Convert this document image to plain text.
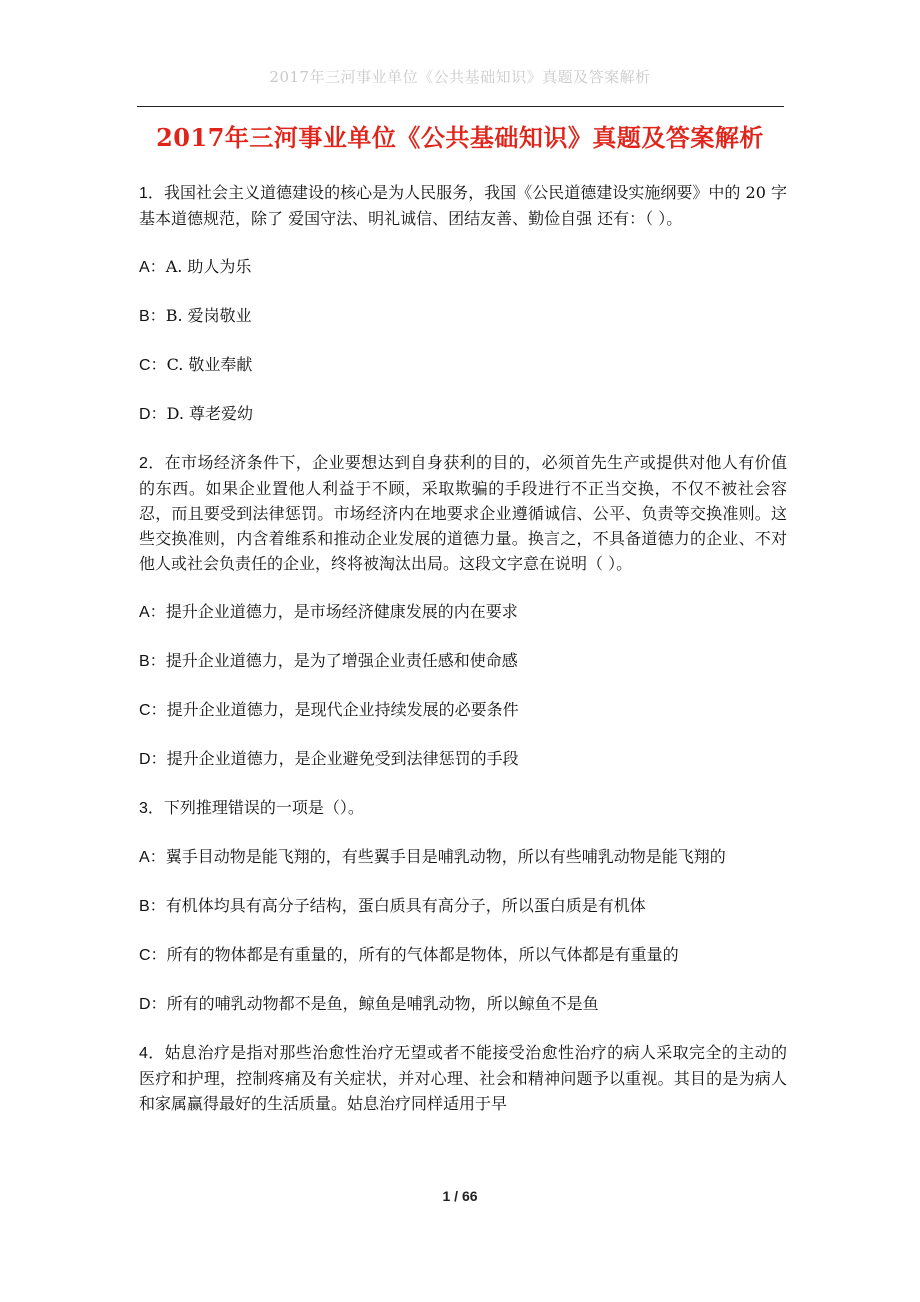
2017年三河事业单位《公共基础知识》真题及答案解析
2017年三河事业单位《公共基础知识》真题及答案解析
1．我国社会主义道德建设的核心是为人民服务，我国《公民道德建设实施纲要》中的 20 字基本道德规范，除了 爱国守法、明礼诚信、团结友善、勤俭自强 还有：（ ）。
A：A. 助人为乐
B：B. 爱岗敬业
C：C. 敬业奉献
D：D. 尊老爱幼
2．在市场经济条件下，企业要想达到自身获利的目的，必须首先生产或提供对他人有价值的东西。如果企业置他人利益于不顾，采取欺骗的手段进行不正当交换，不仅不被社会容忍，而且要受到法律惩罚。市场经济内在地要求企业遵循诚信、公平、负责等交换准则。这些交换准则，内含着维系和推动企业发展的道德力量。换言之，不具备道德力的企业、不对他人或社会负责任的企业，终将被淘汰出局。这段文字意在说明（ ）。
A：提升企业道德力，是市场经济健康发展的内在要求
B：提升企业道德力，是为了增强企业责任感和使命感
C：提升企业道德力，是现代企业持续发展的必要条件
D：提升企业道德力，是企业避免受到法律惩罚的手段
3．下列推理错误的一项是（）。
A：翼手目动物是能飞翔的，有些翼手目是哺乳动物，所以有些哺乳动物是能飞翔的
B：有机体均具有高分子结构，蛋白质具有高分子，所以蛋白质是有机体
C：所有的物体都是有重量的，所有的气体都是物体，所以气体都是有重量的
D：所有的哺乳动物都不是鱼，鲸鱼是哺乳动物，所以鲸鱼不是鱼
4．姑息治疗是指对那些治愈性治疗无望或者不能接受治愈性治疗的病人采取完全的主动的医疗和护理，控制疼痛及有关症状，并对心理、社会和精神问题予以重视。其目的是为病人和家属赢得最好的生活质量。姑息治疗同样适用于早
1 / 66
